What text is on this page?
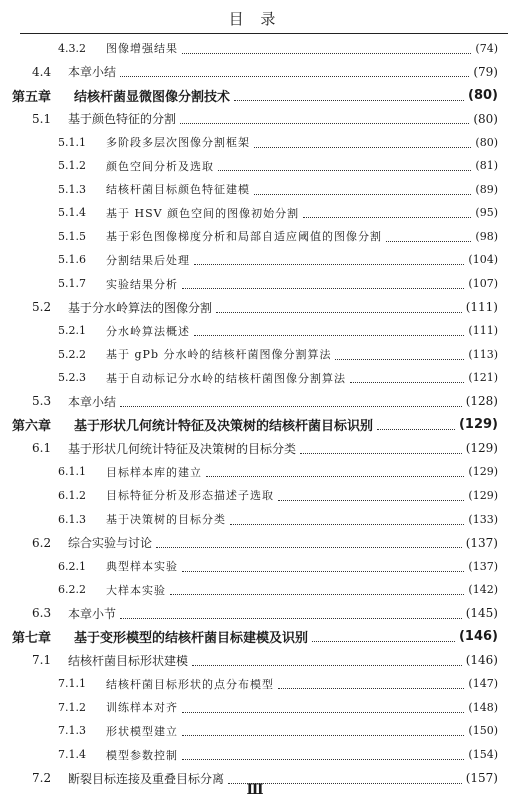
目 录
4.3.2	图像增强结果	(74)
4.4	本章小结	(79)
第五章	结核杆菌显微图像分割技术	(80)
5.1	基于颜色特征的分割	(80)
5.1.1	多阶段多层次图像分割框架	(80)
5.1.2	颜色空间分析及选取	(81)
5.1.3	结核杆菌目标颜色特征建模	(89)
5.1.4	基于 HSV 颜色空间的图像初始分割	(95)
5.1.5	基于彩色图像梯度分析和局部自适应阈值的图像分割	(98)
5.1.6	分割结果后处理	(104)
5.1.7	实验结果分析	(107)
5.2	基于分水岭算法的图像分割	(111)
5.2.1	分水岭算法概述	(111)
5.2.2	基于 gPb 分水岭的结核杆菌图像分割算法	(113)
5.2.3	基于自动标记分水岭的结核杆菌图像分割算法	(121)
5.3	本章小结	(128)
第六章	基于形状几何统计特征及决策树的结核杆菌目标识别	(129)
6.1	基于形状几何统计特征及决策树的目标分类	(129)
6.1.1	目标样本库的建立	(129)
6.1.2	目标特征分析及形态描述子选取	(129)
6.1.3	基于决策树的目标分类	(133)
6.2	综合实验与讨论	(137)
6.2.1	典型样本实验	(137)
6.2.2	大样本实验	(142)
6.3	本章小节	(145)
第七章	基于变形模型的结核杆菌目标建模及识别	(146)
7.1	结核杆菌目标形状建模	(146)
7.1.1	结核杆菌目标形状的点分布模型	(147)
7.1.2	训练样本对齐	(148)
7.1.3	形状模型建立	(150)
7.1.4	模型参数控制	(154)
7.2	断裂目标连接及重叠目标分离	(157)
Ⅲ
